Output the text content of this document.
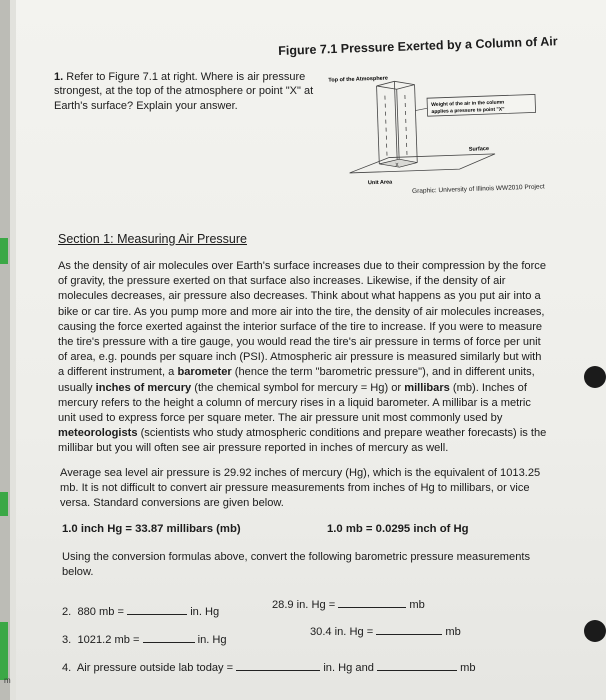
Figure 7.1 Pressure Exerted by a Column of Air
1. Refer to Figure 7.1 at right. Where is air pressure strongest, at the top of the atmosphere or point "X" at Earth's surface? Explain your answer.
Top of the Atmosphere
X
Unit Area
Weight of the air in the column
applies a pressure to point "X"
Surface
Graphic: University of Illinois WW2010 Project
Section 1: Measuring Air Pressure
As the density of air molecules over Earth's surface increases due to their compression by the force of gravity, the pressure exerted on that surface also increases. Likewise, if the density of air molecules decreases, air pressure also decreases. Think about what happens as you put air into a bike or car tire. As you pump more and more air into the tire, the density of air molecules increases, causing the force exerted against the interior surface of the tire to increase. If you were to measure the tire's pressure with a tire gauge, you would read the tire's air pressure in terms of force per unit of area, e.g. pounds per square inch (PSI). Atmospheric air pressure is measured similarly but with a different instrument, a barometer (hence the term "barometric pressure"), and in different units, usually inches of mercury (the chemical symbol for mercury = Hg) or millibars (mb). Inches of mercury refers to the height a column of mercury rises in a liquid barometer. A millibar is a metric unit used to express force per square meter. The air pressure unit most commonly used by meteorologists (scientists who study atmospheric conditions and prepare weather forecasts) is the millibar but you will often see air pressure reported in inches of mercury as well.
Average sea level air pressure is 29.92 inches of mercury (Hg), which is the equivalent of 1013.25 mb. It is not difficult to convert air pressure measurements from inches of Hg to millibars, or vice versa. Standard conversions are given below.
1.0 inch Hg = 33.87 millibars (mb)	1.0 mb = 0.0295 inch of Hg
Using the conversion formulas above, convert the following barometric pressure measurements below.
2. 880 mb =	in. Hg
28.9 in. Hg =	mb
3. 1021.2 mb =	in. Hg
30.4 in. Hg =	mb
4. Air pressure outside lab today =	in. Hg and	mb
m
